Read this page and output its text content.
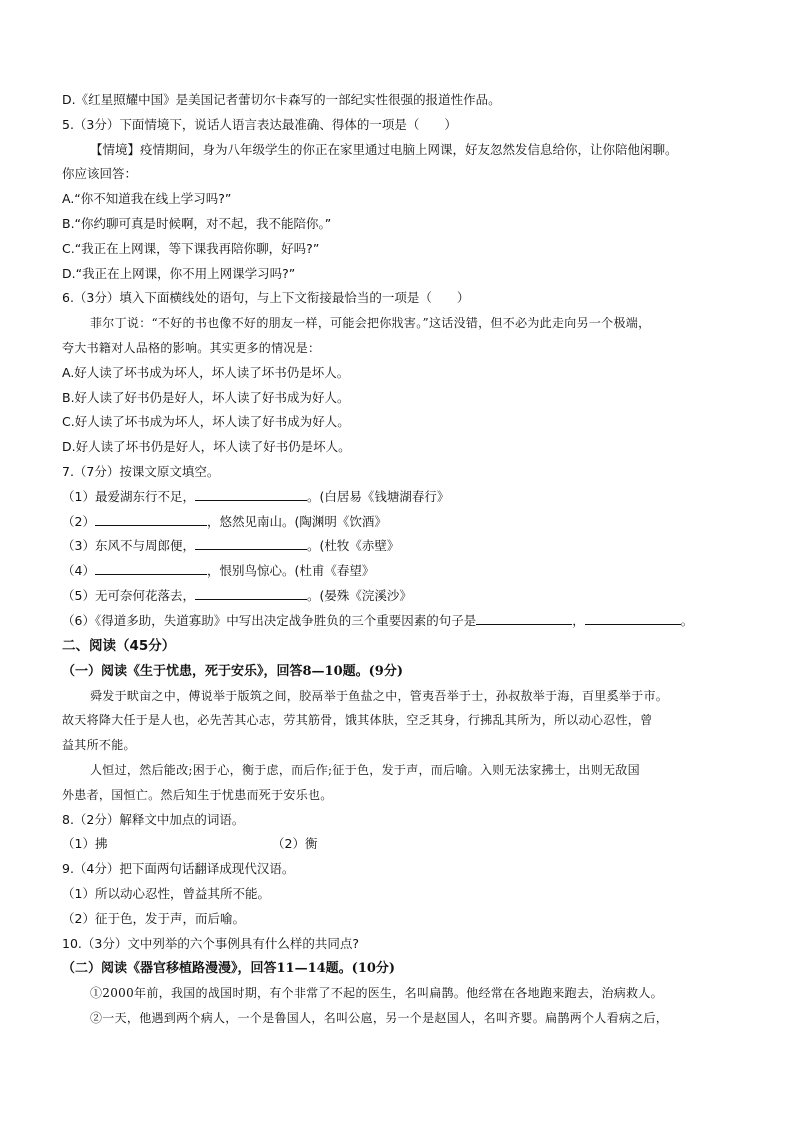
D.《红星照耀中国》是美国记者蕾切尔卡森写的一部纪实性很强的报道性作品。
5.（3分）下面情境下，说话人语言表达最准确、得体的一项是（　　）
【情境】疫情期间，身为八年级学生的你正在家里通过电脑上网课，好友忽然发信息给你，让你陪他闲聊。
你应该回答：
A.“你不知道我在线上学习吗?”
B.“你约聊可真是时候啊，对不起，我不能陪你。”
C.“我正在上网课，等下课我再陪你聊，好吗?”
D.“我正在上网课，你不用上网课学习吗?”
6.（3分）填入下面横线处的语句，与上下文衔接最恰当的一项是（　　）
菲尔丁说：“不好的书也像不好的朋友一样，可能会把你戕害。”这话没错，但不必为此走向另一个极端，
夸大书籍对人品格的影响。其实更多的情况是：
A.好人读了坏书成为坏人，坏人读了坏书仍是坏人。
B.好人读了好书仍是好人，坏人读了好书成为好人。
C.好人读了坏书成为坏人，坏人读了好书成为好人。
D.好人读了坏书仍是好人，坏人读了好书仍是坏人。
7.（7分）按课文原文填空。
（1）最爱湖东行不足，	。(白居易《钱塘湖春行》
（2）	，悠然见南山。(陶渊明《饮酒》
（3）东风不与周郎便，	。(杜牧《赤壁》
（4）	，恨别鸟惊心。(杜甫《春望》
（5）无可奈何花落去，	。(晏殊《浣溪沙》
（6）《得道多助，失道寡助》中写出决定战争胜负的三个重要因素的句子是	，	。
二、阅读（45分）
（一）阅读《生于忧患，死于安乐》，回答8—10题。(9分)
舜发于畎亩之中，傅说举于版筑之间，胶鬲举于鱼盐之中，管夷吾举于士，孙叔敖举于海，百里奚举于市。
故天将降大任于是人也，必先苦其心志，劳其筋骨，饿其体肤，空乏其身，行拂乱其所为，所以动心忍性，曾
益其所不能。
人恒过，然后能改;困于心，衡于虑，而后作;征于色，发于声，而后喻。入则无法家拂士，出则无敌国
外患者，国恒亡。然后知生于忧患而死于安乐也。
8.（2分）解释文中加点的词语。
（1）拂	（2）衡
9.（4分）把下面两句话翻译成现代汉语。
（1）所以动心忍性，曾益其所不能。
（2）征于色，发于声，而后喻。
10.（3分）文中列举的六个事例具有什么样的共同点?
（二）阅读《器官移植路漫漫》，回答11—14题。(10分)
①2000年前，我国的战国时期，有个非常了不起的医生，名叫扁鹊。他经常在各地跑来跑去，治病救人。
②一天，他遇到两个病人，一个是鲁国人，名叫公扈，另一个是赵国人，名叫齐婴。扁鹊两个人看病之后，
